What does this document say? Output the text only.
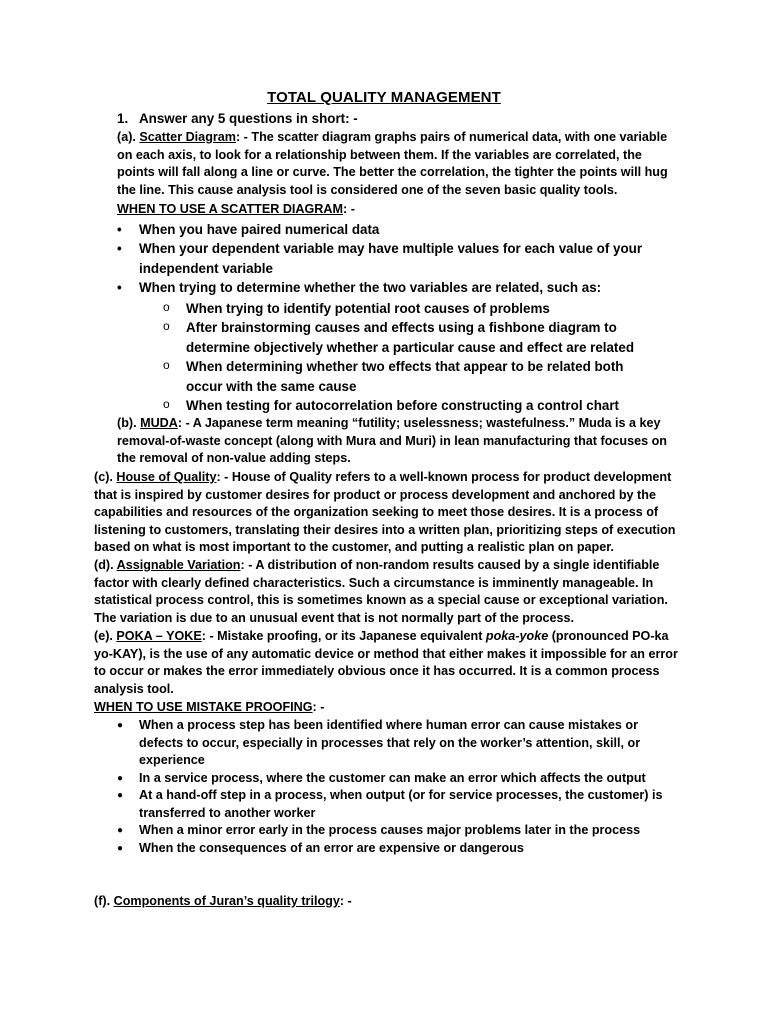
TOTAL QUALITY MANAGEMENT
1. Answer any 5 questions in short: -
(a). Scatter Diagram: - The scatter diagram graphs pairs of numerical data, with one variable on each axis, to look for a relationship between them. If the variables are correlated, the points will fall along a line or curve. The better the correlation, the tighter the points will hug the line. This cause analysis tool is considered one of the seven basic quality tools.
WHEN TO USE A SCATTER DIAGRAM: -
• When you have paired numerical data
• When your dependent variable may have multiple values for each value of your independent variable
• When trying to determine whether the two variables are related, such as:
o When trying to identify potential root causes of problems
o After brainstorming causes and effects using a fishbone diagram to determine objectively whether a particular cause and effect are related
o When determining whether two effects that appear to be related both occur with the same cause
o When testing for autocorrelation before constructing a control chart
(b). MUDA: - A Japanese term meaning “futility; uselessness; wastefulness.” Muda is a key removal-of-waste concept (along with Mura and Muri) in lean manufacturing that focuses on the removal of non-value adding steps.
(c). House of Quality: - House of Quality refers to a well-known process for product development that is inspired by customer desires for product or process development and anchored by the capabilities and resources of the organization seeking to meet those desires. It is a process of listening to customers, translating their desires into a written plan, prioritizing steps of execution based on what is most important to the customer, and putting a realistic plan on paper.
(d). Assignable Variation: - A distribution of non-random results caused by a single identifiable factor with clearly defined characteristics. Such a circumstance is imminently manageable. In statistical process control, this is sometimes known as a special cause or exceptional variation. The variation is due to an unusual event that is not normally part of the process.
(e). POKA – YOKE: - Mistake proofing, or its Japanese equivalent poka-yoke (pronounced PO-ka yo-KAY), is the use of any automatic device or method that either makes it impossible for an error to occur or makes the error immediately obvious once it has occurred. It is a common process analysis tool.
WHEN TO USE MISTAKE PROOFING: -
● When a process step has been identified where human error can cause mistakes or defects to occur, especially in processes that rely on the worker’s attention, skill, or experience
● In a service process, where the customer can make an error which affects the output
● At a hand-off step in a process, when output (or for service processes, the customer) is transferred to another worker
● When a minor error early in the process causes major problems later in the process
● When the consequences of an error are expensive or dangerous
(f). Components of Juran’s quality trilogy: -
